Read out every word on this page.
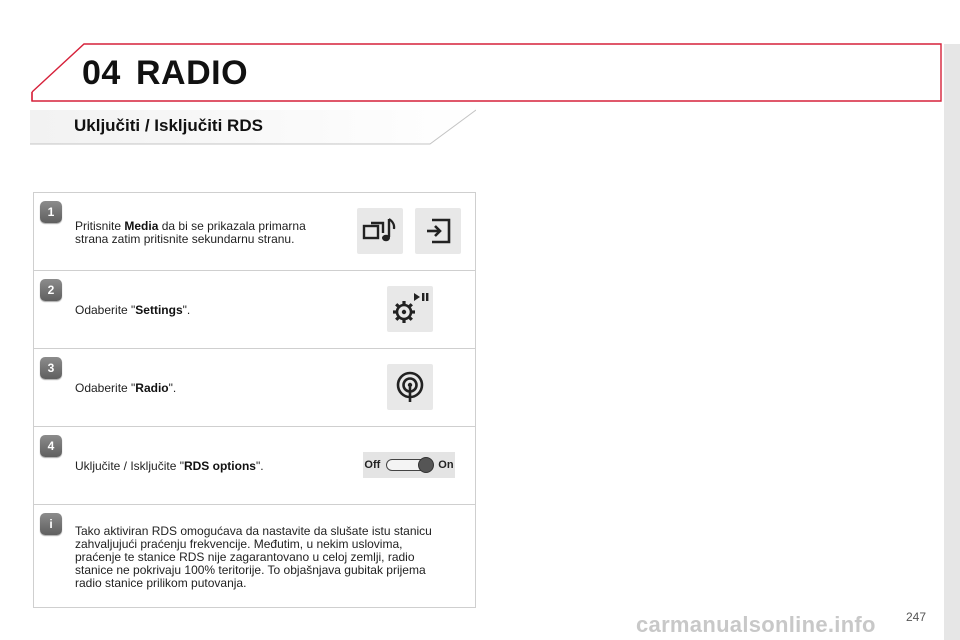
04 RADIO
Uključiti / Isključiti RDS
1
Pritisnite Media da bi se prikazala primarna
strana zatim pritisnite sekundarnu stranu.
2
Odaberite "Settings".
3
Odaberite "Radio".
4
Uključite / Isključite "RDS options".	Off	On
i	Tako aktiviran RDS omogućava da nastavite da slušate istu stanicu
zahvaljujući praćenju frekvencije. Međutim, u nekim uslovima,
praćenje te stanice RDS nije zagarantovano u celoj zemlji, radio
stanice ne pokrivaju 100% teritorije. To objašnjava gubitak prijema
radio stanice prilikom putovanja.
carmanualsonline.info	247
